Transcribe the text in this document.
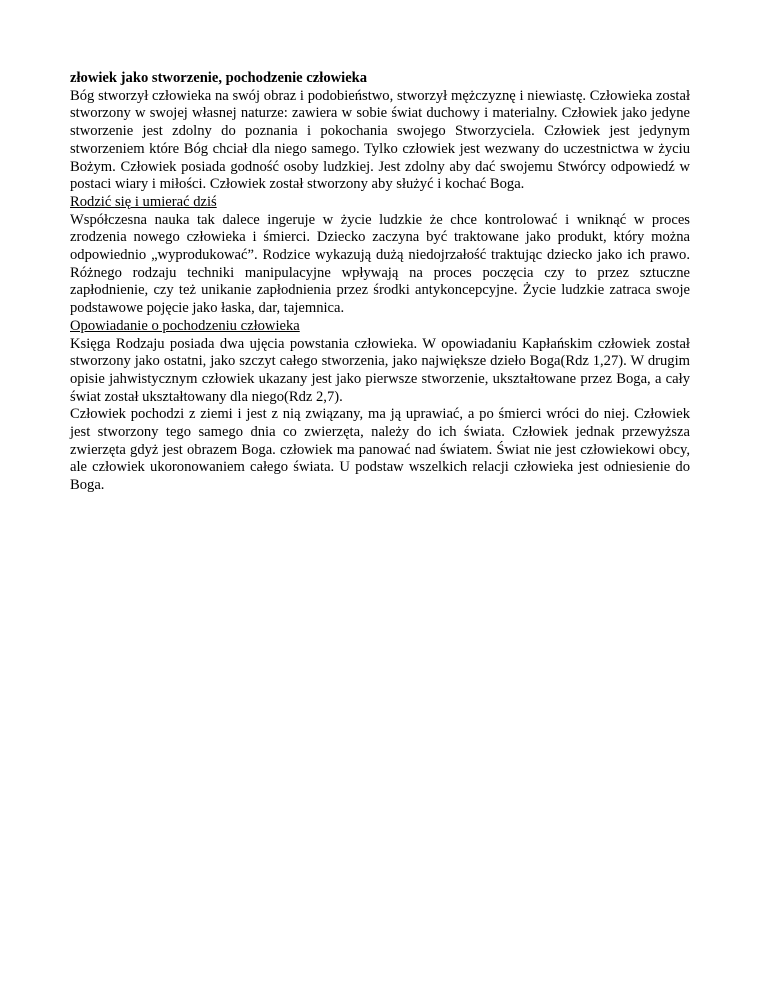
złowiek jako stworzenie, pochodzenie człowieka

Bóg stworzył człowieka na swój obraz i podobieństwo, stworzył mężczyznę i niewiastę. Człowieka został stworzony w swojej własnej naturze: zawiera w sobie świat duchowy i materialny. Człowiek jako jedyne stworzenie jest zdolny do poznania i pokochania swojego Stworzyciela. Człowiek jest jedynym stworzeniem które Bóg chciał dla niego samego. Tylko człowiek jest wezwany do uczestnictwa w życiu Bożym. Człowiek posiada godność osoby ludzkiej. Jest zdolny aby dać swojemu Stwórcy odpowiedź w postaci wiary i miłości. Człowiek został stworzony aby służyć i kochać Boga.

Rodzić się i umierać dziś

Współczesna nauka tak dalece ingeruje w życie ludzkie że chce kontrolować i wniknąć w proces zrodzenia nowego człowieka i śmierci. Dziecko zaczyna być traktowane jako produkt, który można odpowiednio „wyprodukować”. Rodzice wykazują dużą niedojrzałość traktując dziecko jako ich prawo. Różnego rodzaju techniki manipulacyjne wpływają na proces poczęcia czy to przez sztuczne zapłodnienie, czy też unikanie zapłodnienia przez środki antykoncepcyjne. Życie ludzkie zatraca swoje podstawowe pojęcie jako łaska, dar, tajemnica.

Opowiadanie o pochodzeniu człowieka

Księga Rodzaju posiada dwa ujęcia powstania człowieka. W opowiadaniu Kapłańskim człowiek został stworzony jako ostatni, jako szczyt całego stworzenia, jako największe dzieło Boga(Rdz 1,27). W drugim opisie jahwistycznym człowiek ukazany jest jako pierwsze stworzenie, ukształtowane przez Boga, a cały świat został ukształtowany dla niego(Rdz 2,7).

Człowiek pochodzi z ziemi i jest z nią związany, ma ją uprawiać, a po śmierci wróci do niej. Człowiek jest stworzony tego samego dnia co zwierzęta, należy do ich świata. Człowiek jednak przewyższa zwierzęta gdyż jest obrazem Boga. człowiek ma panować nad światem. Świat nie jest człowiekowi obcy, ale człowiek ukoronowaniem całego świata. U podstaw wszelkich relacji człowieka jest odniesienie do Boga.
